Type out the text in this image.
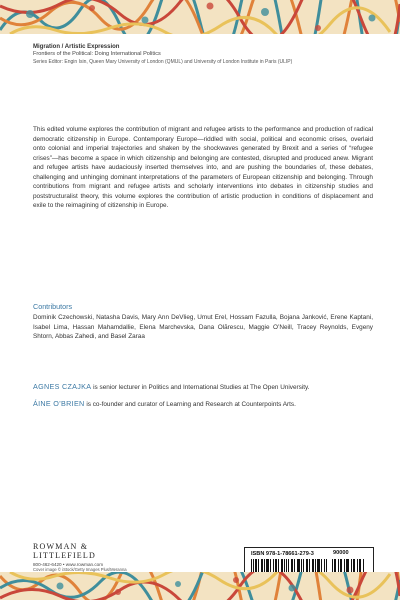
Migration / Artistic Expression
Frontiers of the Political: Doing International Politics
Series Editor: Engin Isin, Queen Mary University of London (QMUL) and University of London Institute in Paris (ULIP)

This edited volume explores the contribution of migrant and refugee artists to the performance and production of radical democratic citizenship in Europe. Contemporary Europe—riddled with social, political and economic crises, overlaid onto colonial and imperial trajectories and shaken by the shockwaves generated by Brexit and a series of “refugee crises”—has become a space in which citizenship and belonging are contested, disrupted and produced anew. Migrant and refugee artists have audaciously inserted themselves into, and are pushing the boundaries of, these debates, challenging and unhinging dominant interpretations of the parameters of European citizenship and belonging. Through contributions from migrant and refugee artists and scholarly interventions into debates in citizenship studies and poststructuralist theory, this volume explores the contribution of artistic production in conditions of displacement and exile to the reimagining of citizenship in Europe.

Contributors

Dominik Czechowski, Natasha Davis, Mary Ann DeVlieg, Umut Erel, Hossam Fazulla, Bojana Janković, Erene Kaptani, Isabel Lima, Hassan Mahamdallie, Elena Marchevska, Dana Olărescu, Maggie O’Neill, Tracey Reynolds, Evgeny Shtorn, Abbas Zahedi, and Basel Zaraa

AGNES CZAJKA is senior lecturer in Politics and International Studies at The Open University.
ÁINE O’BRIEN is co-founder and curator of Learning and Research at Counterpoints Arts.
ROWMAN &
LITTLEFIELD
800-462-6420 • www.rowman.com
Cover image © iStock/Getty Images Plus/Meranna
ISBN 978-1-78661-279-3	90000
